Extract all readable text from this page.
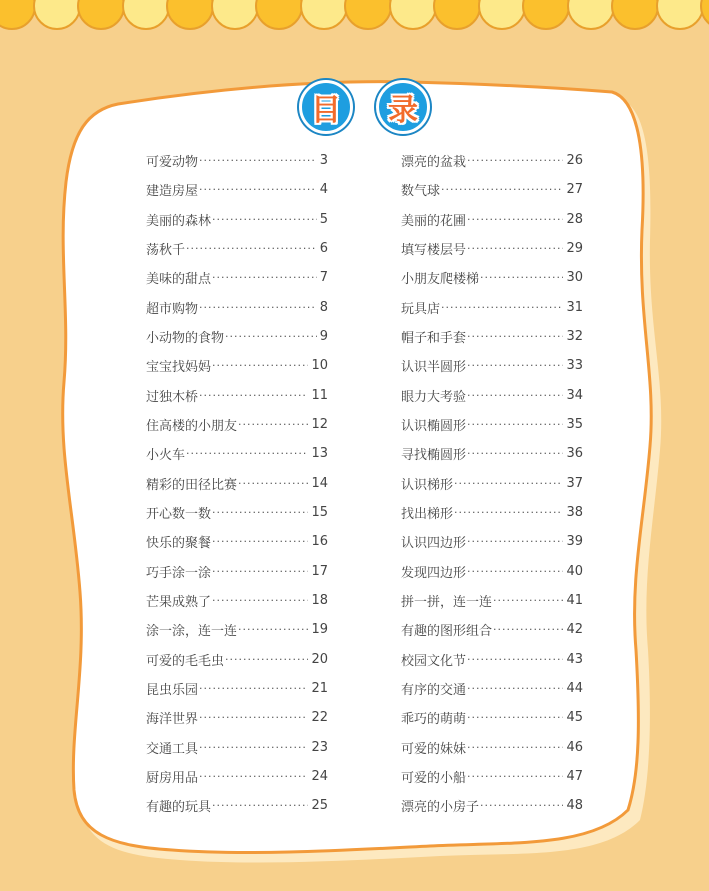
目	录
可爱动物 ·····	3
建造房屋 ·····	4
美丽的森林 ·····	5
荡秋千 ·····	6
美味的甜点 ·····	7
超市购物 ·····	8
小动物的食物 ·····	9
宝宝找妈妈 ·····	10
过独木桥 ·····	11
住高楼的小朋友 ·····	12
小火车 ·····	13
精彩的田径比赛 ·····	14
开心数一数 ·····	15
快乐的聚餐 ·····	16
巧手涂一涂 ·····	17
芒果成熟了 ·····	18
涂一涂，连一连 ·····	19
可爱的毛毛虫 ·····	20
昆虫乐园 ·····	21
海洋世界 ·····	22
交通工具 ·····	23
厨房用品 ·····	24
有趣的玩具 ·····	25
漂亮的盆栽 ·····	26
数气球 ·····	27
美丽的花圃 ·····	28
填写楼层号 ·····	29
小朋友爬楼梯 ·····	30
玩具店 ·····	31
帽子和手套 ·····	32
认识半圆形 ·····	33
眼力大考验 ·····	34
认识椭圆形 ·····	35
寻找椭圆形 ·····	36
认识梯形 ·····	37
找出梯形 ·····	38
认识四边形 ·····	39
发现四边形 ·····	40
拼一拼，连一连 ·····	41
有趣的图形组合 ·····	42
校园文化节 ·····	43
有序的交通 ·····	44
乖巧的萌萌 ·····	45
可爱的妹妹 ·····	46
可爱的小船 ·····	47
漂亮的小房子 ·····	48
